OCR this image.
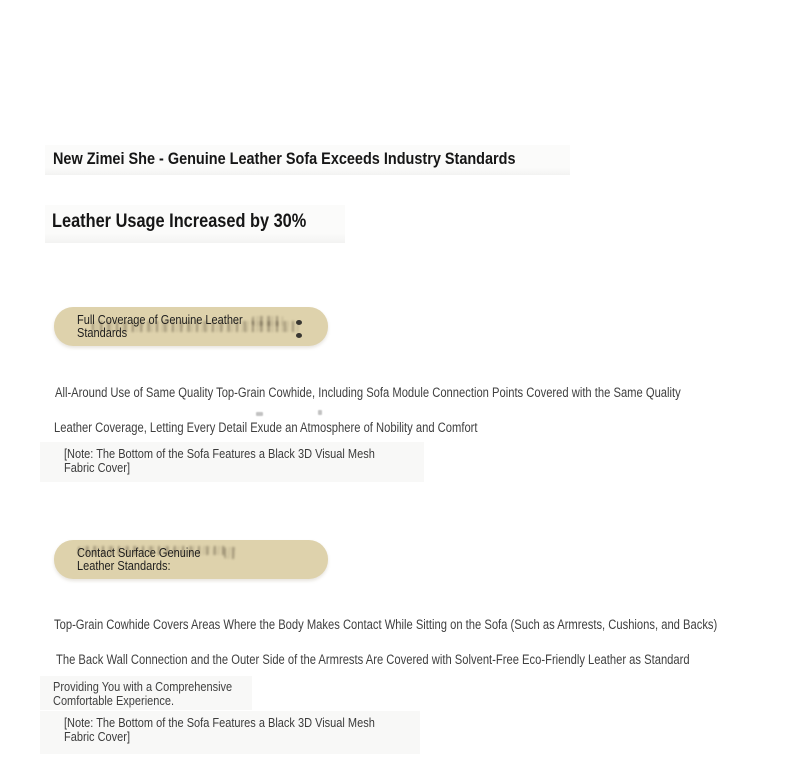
New Zimei She - Genuine Leather Sofa Exceeds Industry Standards
Leather Usage Increased by 30%
Full Coverage of Genuine Leather
Standards
All-Around Use of Same Quality Top-Grain Cowhide, Including Sofa Module Connection Points Covered with the Same Quality
Leather Coverage, Letting Every Detail Exude an Atmosphere of Nobility and Comfort
[Note: The Bottom of the Sofa Features a Black 3D Visual Mesh
Fabric Cover]
Contact Surface Genuine
Leather Standards:
Top-Grain Cowhide Covers Areas Where the Body Makes Contact While Sitting on the Sofa (Such as Armrests, Cushions, and Backs)
The Back Wall Connection and the Outer Side of the Armrests Are Covered with Solvent-Free Eco-Friendly Leather as Standard
Providing You with a Comprehensive
Comfortable Experience.
[Note: The Bottom of the Sofa Features a Black 3D Visual Mesh
Fabric Cover]
